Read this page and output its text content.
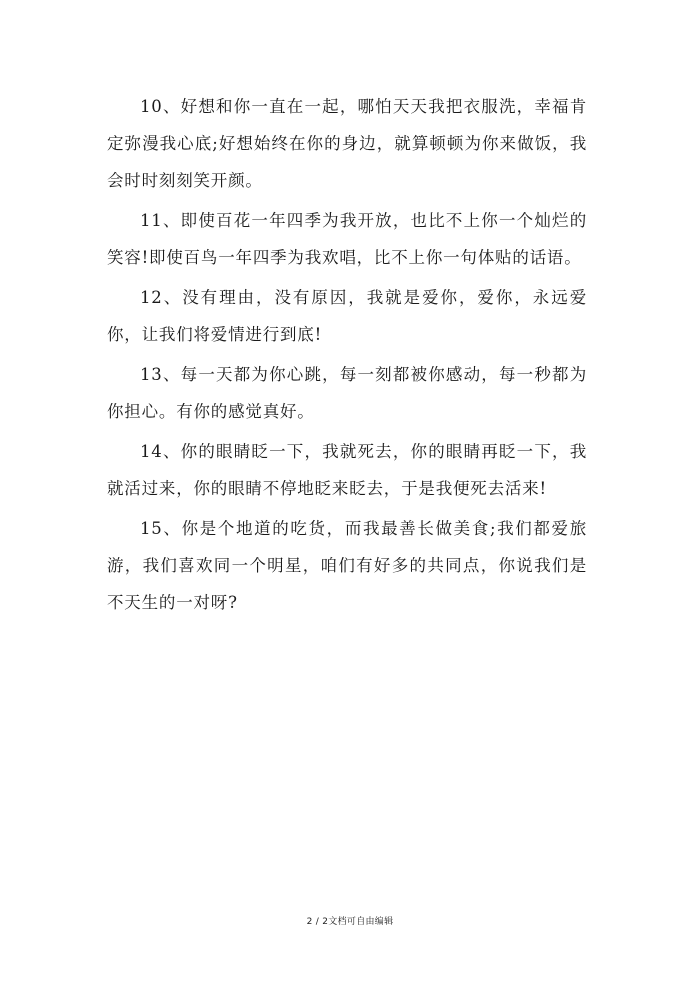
10、好想和你一直在一起，哪怕天天我把衣服洗，幸福肯定弥漫我心底;好想始终在你的身边，就算顿顿为你来做饭，我会时时刻刻笑开颜。

11、即使百花一年四季为我开放，也比不上你一个灿烂的笑容!即使百鸟一年四季为我欢唱，比不上你一句体贴的话语。

12、没有理由，没有原因，我就是爱你，爱你，永远爱你，让我们将爱情进行到底!

13、每一天都为你心跳，每一刻都被你感动，每一秒都为你担心。有你的感觉真好。

14、你的眼睛眨一下，我就死去，你的眼睛再眨一下，我就活过来，你的眼睛不停地眨来眨去，于是我便死去活来!

15、你是个地道的吃货，而我最善长做美食;我们都爱旅游，我们喜欢同一个明星，咱们有好多的共同点，你说我们是不天生的一对呀?

2 / 2文档可自由编辑
